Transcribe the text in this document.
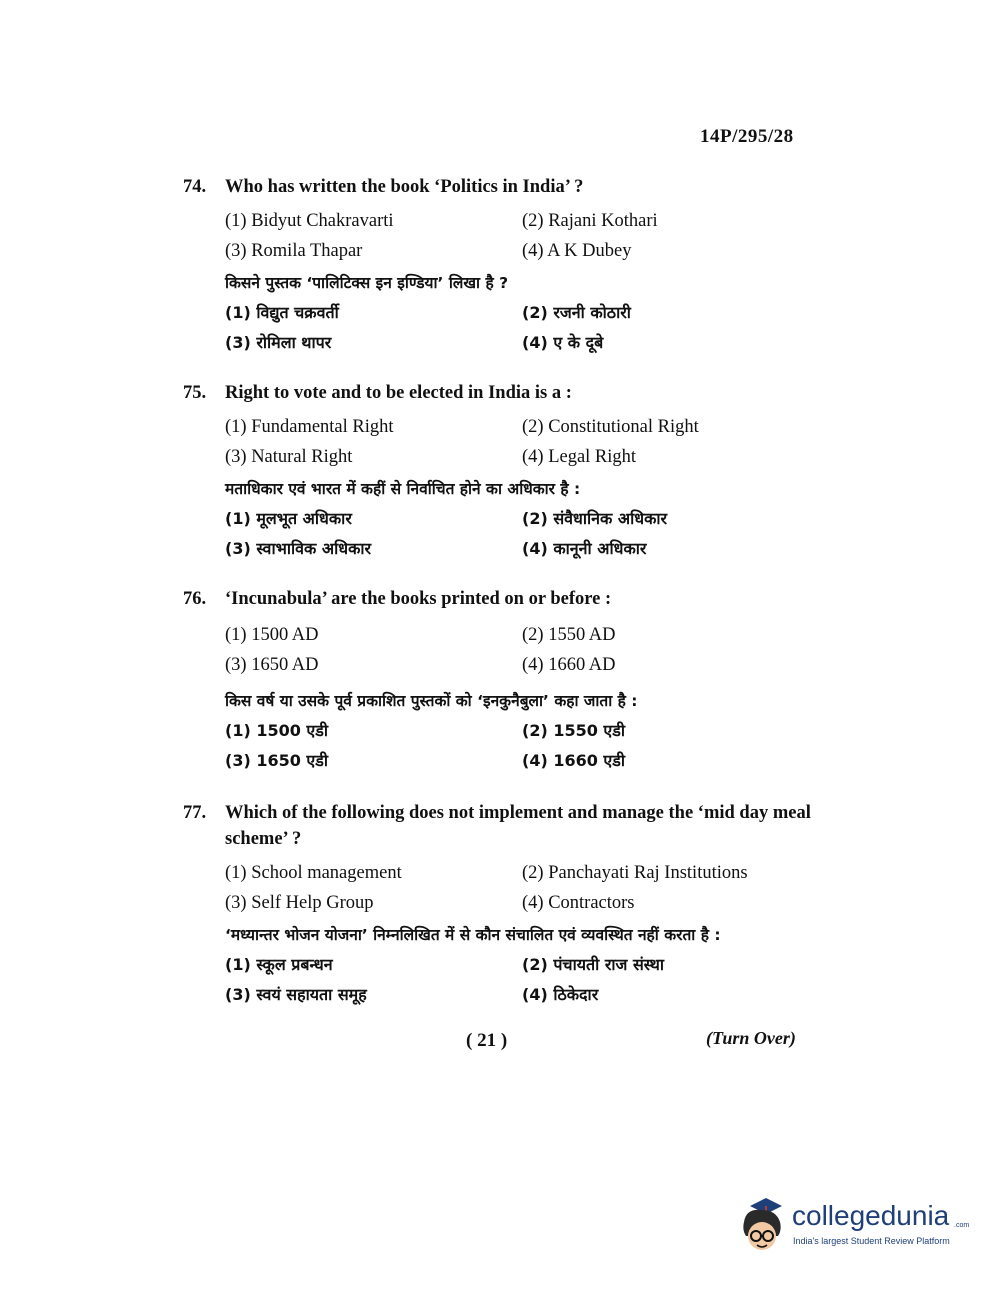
14P/295/28
74.	Who has written the book ‘Politics in India’ ?
(1) Bidyut Chakravarti	(2) Rajani Kothari
(3) Romila Thapar	(4) A K Dubey
किसने पुस्तक ‘पालिटिक्स इन इण्डिया’ लिखा है ?
(1) विद्युत चक्रवर्ती	(2) रजनी कोठारी
(3) रोमिला थापर	(4) ए के दूबे
75.	Right to vote and to be elected in India is a :
(1) Fundamental Right	(2) Constitutional Right
(3) Natural Right	(4) Legal Right
मताधिकार एवं भारत में कहीं से निर्वाचित होने का अधिकार है :
(1) मूलभूत अधिकार	(2) संवैधानिक अधिकार
(3) स्वाभाविक अधिकार	(4) कानूनी अधिकार
76.	‘Incunabula’ are the books printed on or before :
(1) 1500 AD	(2) 1550 AD
(3) 1650 AD	(4) 1660 AD
किस वर्ष या उसके पूर्व प्रकाशित पुस्तकों को ‘इनकुनैबुला’ कहा जाता है :
(1) 1500 एडी	(2) 1550 एडी
(3) 1650 एडी	(4) 1660 एडी
77.	Which of the following does not implement and manage the ‘mid day meal scheme’ ?
(1) School management	(2) Panchayati Raj Institutions
(3) Self Help Group	(4) Contractors
‘मध्यान्तर भोजन योजना’ निम्नलिखित में से कौन संचालित एवं व्यवस्थित नहीं करता है :
(1) स्कूल प्रबन्धन	(2) पंचायती राज संस्था
(3) स्वयं सहायता समूह	(4) ठिकेदार
( 21 )	(Turn Over)
collegedunia .com
India's largest Student Review Platform
